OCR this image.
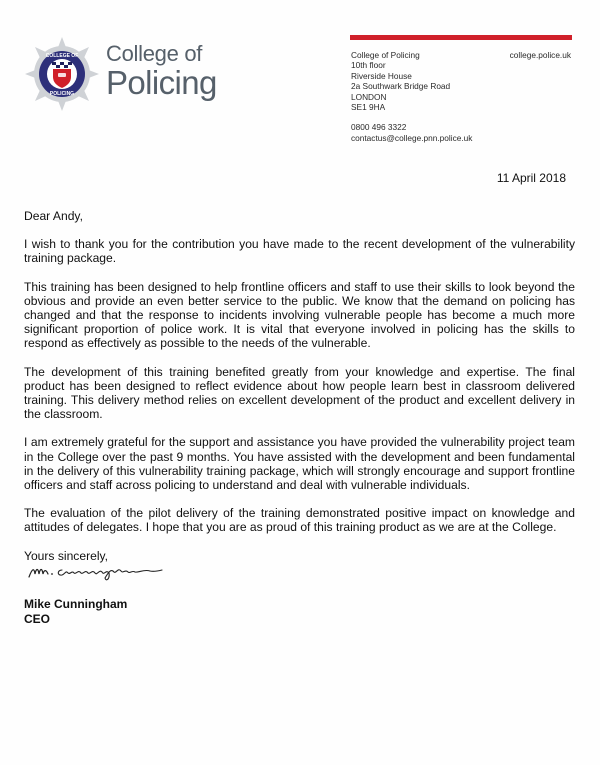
COLLEGE OF
POLICING
College of
Policing
College of Policing
10th floor
Riverside House
2a Southwark Bridge Road
LONDON
SE1 9HA
0800 496 3322
contactus@college.pnn.police.uk
college.police.uk
11 April 2018

Dear Andy,

I wish to thank you for the contribution you have made to the recent development of the vulnerability training package.

This training has been designed to help frontline officers and staff to use their skills to look beyond the obvious and provide an even better service to the public. We know that the demand on policing has changed and that the response to incidents involving vulnerable people has become a much more significant proportion of police work. It is vital that everyone involved in policing has the skills to respond as effectively as possible to the needs of the vulnerable.

The development of this training benefited greatly from your knowledge and expertise. The final product has been designed to reflect evidence about how people learn best in classroom delivered training. This delivery method relies on excellent development of the product and excellent delivery in the classroom.

I am extremely grateful for the support and assistance you have provided the vulnerability project team in the College over the past 9 months. You have assisted with the development and been fundamental in the delivery of this vulnerability training package, which will strongly encourage and support frontline officers and staff across policing to understand and deal with vulnerable individuals.

The evaluation of the pilot delivery of the training demonstrated positive impact on knowledge and attitudes of delegates. I hope that you are as proud of this training product as we are at the College.

Yours sincerely,

Mike Cunningham
CEO
